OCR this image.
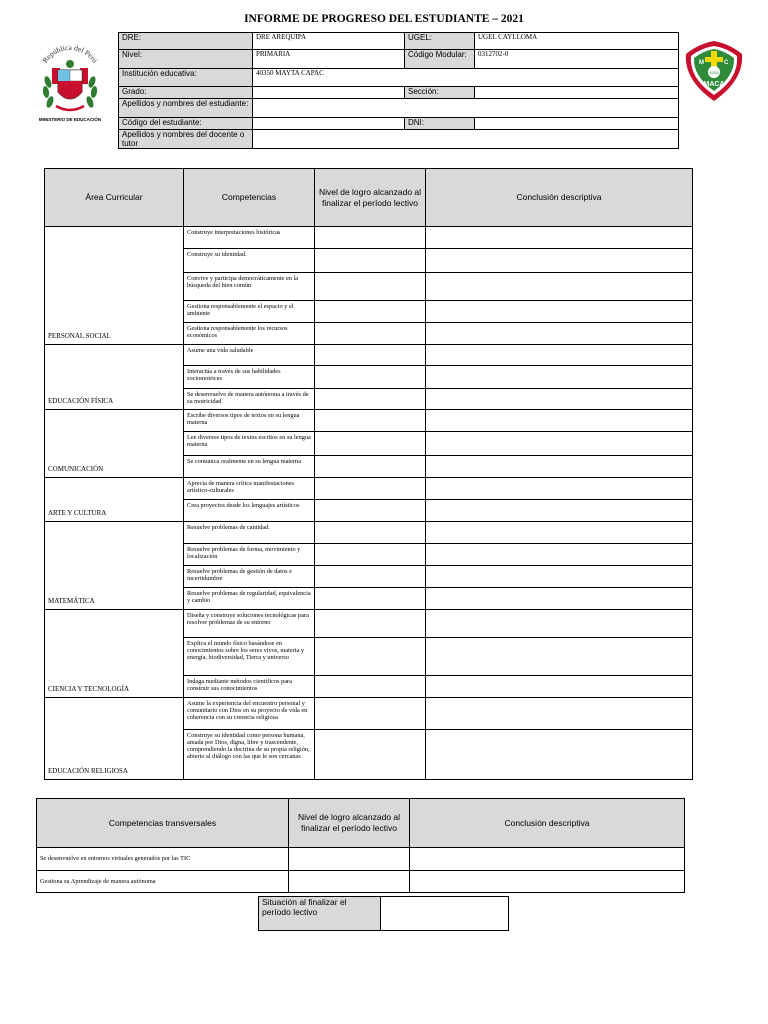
INFORME DE PROGRESO DEL ESTUDIANTE – 2021
República del Perú
MINISTERIO DE EDUCACIÓN
M	C
40350
MACA
DRE:	DRE AREQUIPA	UGEL:	UGEL CAYLLOMA
Nivel:	PRIMARIA	Código Modular:	0312702-0
Institución educativa:	40350 MAYTA CAPAC		
Grado:		Sección:	
Apellidos y nombres del estudiante:			
Código del estudiante:		DNI:	
Apellidos y nombres del docente o tutor			
Área Curricular	Competencias	Nivel de logro alcanzado al finalizar el período lectivo	Conclusión descriptiva
PERSONAL SOCIAL	Construye interpretaciones históricas		
	Construye su identidad.		
	Convive y participa democráticamente en la búsqueda del bien común		
	Gestiona responsablemente el espacio y el ambiente		
	Gestiona responsablemente los recursos económicos		
EDUCACIÓN FÍSICA	Asume una vida saludable		
	Interactúa a través de sus habilidades sociomotrices		
	Se desenvuelve de manera autónoma a través de su motricidad		
COMUNICACIÓN	Escribe diversos tipos de textos en su lengua materna		
	Lee diversos tipos de textos escritos en su lengua materna		
	Se comunica oralmente en su lengua materna		
ARTE Y CULTURA	Aprecia de manera crítica manifestaciones artístico-culturales		
	Crea proyectos desde los lenguajes artísticos		
MATEMÁTICA	Resuelve problemas de cantidad.		
	Resuelve problemas de forma, movimiento y localización		
	Resuelve problemas de gestión de datos e incertidumbre		
	Resuelve problemas de regularidad, equivalencia y cambio		
CIENCIA Y TECNOLOGÍA	Diseña y construye soluciones tecnológicas para resolver problemas de su entorno		
	Explica el mundo físico basándose en conocimientos sobre los seres vivos, materia y energía, biodiversidad, Tierra y universo		
	Indaga mediante métodos científicos para construir sus conocimientos		
EDUCACIÓN RELIGIOSA	Asume la experiencia del encuentro personal y comunitario con Dios en su proyecto de vida en coherencia con su creencia religiosa		
	Construye su identidad como persona humana, amada por Dios, digna, libre y trascendente, comprendiendo la doctrina de su propia religión, abierto al diálogo con las que le son cercanas		
Competencias transversales	Nivel de logro alcanzado al finalizar el período lectivo	Conclusión descriptiva
Se desenvuelve en entornos virtuales generados por las TIC		
Gestiona su Aprendizaje de manera autónoma		
Situación al finalizar el período lectivo	
